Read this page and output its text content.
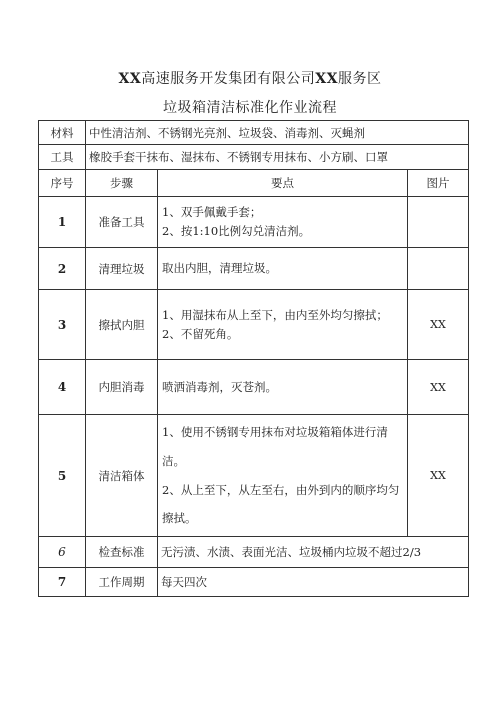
XX高速服务开发集团有限公司XX服务区
垃圾箱清洁标准化作业流程
材料	中性清洁剂、不锈钢光亮剂、垃圾袋、消毒剂、灭蝇剂		
工具	橡胶手套干抹布、湿抹布、不锈钢专用抹布、小方刷、口罩		
序号	步骤	要点	图片
1	准备工具	1、双手佩戴手套；

2、按1:10比例勾兑清洁剂。	

2	清理垃圾	取出内胆，清理垃圾。	

3	擦拭内胆	1、用湿抹布从上至下，由内至外均匀擦拭；

2、不留死角。	XX
4	内胆消毒	喷洒消毒剂，灭苍剂。	XX
5	清洁箱体	1、使用不锈钢专用抹布对垃圾箱箱体进行清洁。

2、从上至下，从左至右，由外到内的顺序均匀擦拭。	XX
6	检查标准	无污渍、水渍、表面光洁、垃圾桶内垃圾不超过2/3	
7	工作周期	每天四次	
